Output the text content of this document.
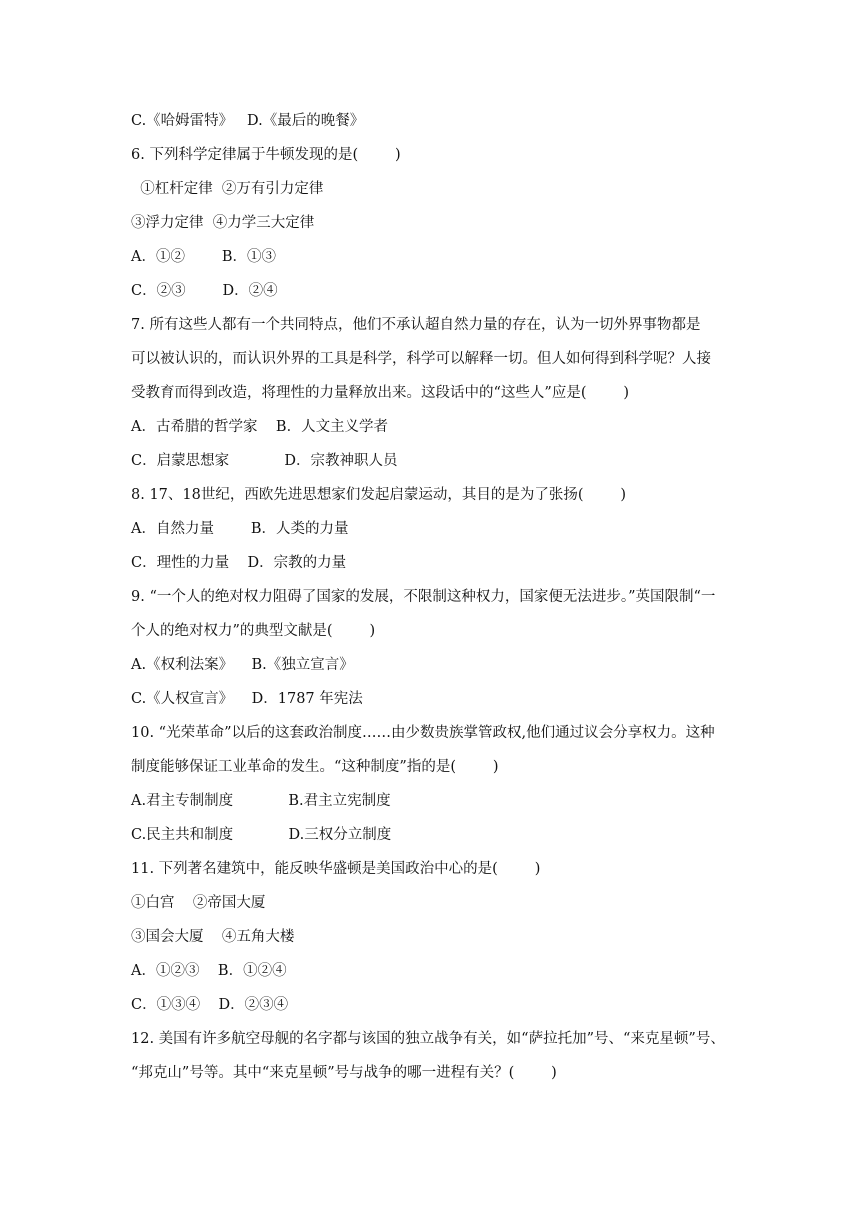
C.《哈姆雷特》   D.《最后的晚餐》
6. 下列科学定律属于牛顿发现的是(        )
①杠杆定律  ②万有引力定律
③浮力定律  ④力学三大定律
A．①②        B．①③
C．②③        D．②④
7. 所有这些人都有一个共同特点，他们不承认超自然力量的存在，认为一切外界事物都是
可以被认识的，而认识外界的工具是科学，科学可以解释一切。但人如何得到科学呢？人接
受教育而得到改造，将理性的力量释放出来。这段话中的“这些人”应是(        )
A．古希腊的哲学家    B．人文主义学者
C．启蒙思想家            D．宗教神职人员
8. 17、18世纪，西欧先进思想家们发起启蒙运动，其目的是为了张扬(        )
A．自然力量        B．人类的力量
C．理性的力量    D．宗教的力量
9. “一个人的绝对权力阻碍了国家的发展，不限制这种权力，国家便无法进步。”英国限制“一
个人的绝对权力”的典型文献是(        )
A.《权利法案》    B.《独立宣言》
C.《人权宣言》    D．1787 年宪法
10. “光荣革命”以后的这套政治制度……由少数贵族掌管政权,他们通过议会分享权力。这种
制度能够保证工业革命的发生。“这种制度”指的是(        )
A.君主专制制度            B.君主立宪制度
C.民主共和制度            D.三权分立制度
11. 下列著名建筑中，能反映华盛顿是美国政治中心的是(        )
①白宫    ②帝国大厦
③国会大厦    ④五角大楼
A．①②③    B．①②④
C．①③④    D．②③④
12. 美国有许多航空母舰的名字都与该国的独立战争有关，如“萨拉托加”号、“来克星顿”号、
“邦克山”号等。其中“来克星顿”号与战争的哪一进程有关？(        )
